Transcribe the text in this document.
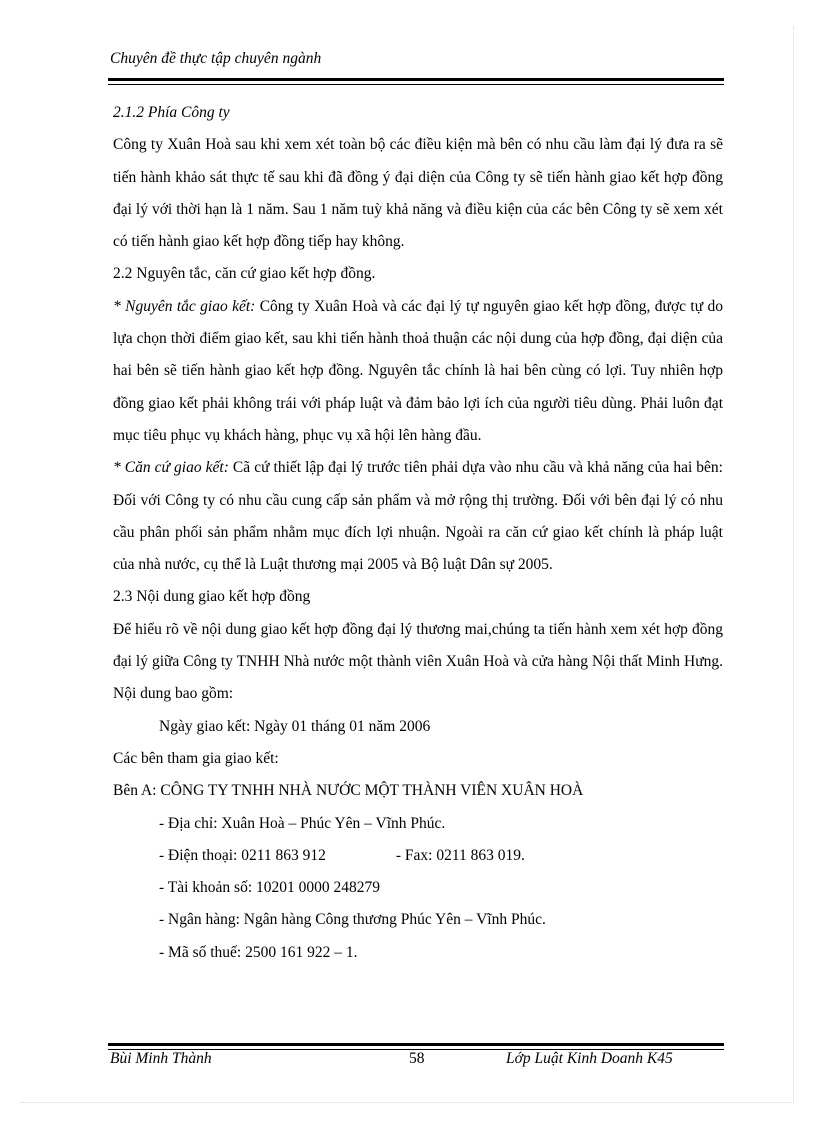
Chuyên đề thực tập chuyên ngành

2.1.2 Phía Công ty

Công ty Xuân Hoà sau khi xem xét toàn bộ các điều kiện mà bên có nhu cầu làm đại lý đưa ra sẽ tiến hành khảo sát thực tế sau khi đã đồng ý đại diện của Công ty sẽ tiến hành giao kết hợp đồng đại lý với thời hạn là 1 năm. Sau 1 năm tuỳ khả năng và điều kiện của các bên Công ty sẽ xem xét có tiến hành giao kết hợp đồng tiếp hay không.

2.2 Nguyên tắc, căn cứ giao kết hợp đồng.

* Nguyên tắc giao kết: Công ty Xuân Hoà và các đại lý tự nguyên giao kết hợp đồng, được tự do lựa chọn thời điểm giao kết, sau khi tiến hành thoả thuận các nội dung của hợp đồng, đại diện của hai bên sẽ tiến hành giao kết hợp đồng. Nguyên tắc chính là hai bên cùng có lợi. Tuy nhiên hợp đồng giao kết phải không trái với pháp luật và đảm bảo lợi ích của người tiêu dùng. Phải luôn đạt mục tiêu phục vụ khách hàng, phục vụ xã hội lên hàng đầu.

* Căn cứ giao kết: Cã cứ thiết lập đại lý trước tiên phải dựa vào nhu cầu và khả năng của hai bên: Đối với Công ty có nhu cầu cung cấp sản phẩm và mở rộng thị trường. Đối với bên đại lý có nhu cầu phân phối sản phẩm nhằm mục đích lợi nhuận. Ngoài ra căn cứ giao kết chính là pháp luật của nhà nước, cụ thể là Luật thương mại 2005 và Bộ luật Dân sự 2005.

2.3 Nội dung giao kết hợp đồng

Để hiểu rõ về nội dung giao kết hợp đồng đại lý thương mai,chúng ta tiến hành xem xét hợp đồng đại lý giữa Công ty TNHH Nhà nước một thành viên Xuân Hoà và cửa hàng Nội thất Minh Hưng. Nội dung bao gồm:

Ngày giao kết: Ngày 01 tháng 01 năm 2006

Các bên tham gia giao kết:

Bên A: CÔNG TY TNHH NHÀ NƯỚC MỘT THÀNH VIÊN XUÂN HOÀ

- Địa chỉ: Xuân Hoà – Phúc Yên – Vĩnh Phúc.

- Điện thoại: 0211 863 912	- Fax: 0211 863 019.

- Tài khoản số: 10201 0000 248279

- Ngân hàng: Ngân hàng Công thương Phúc Yên – Vĩnh Phúc.

- Mã số thuế: 2500 161 922 – 1.

Bùi Minh Thành	58	Lớp Luật Kinh Doanh K45
